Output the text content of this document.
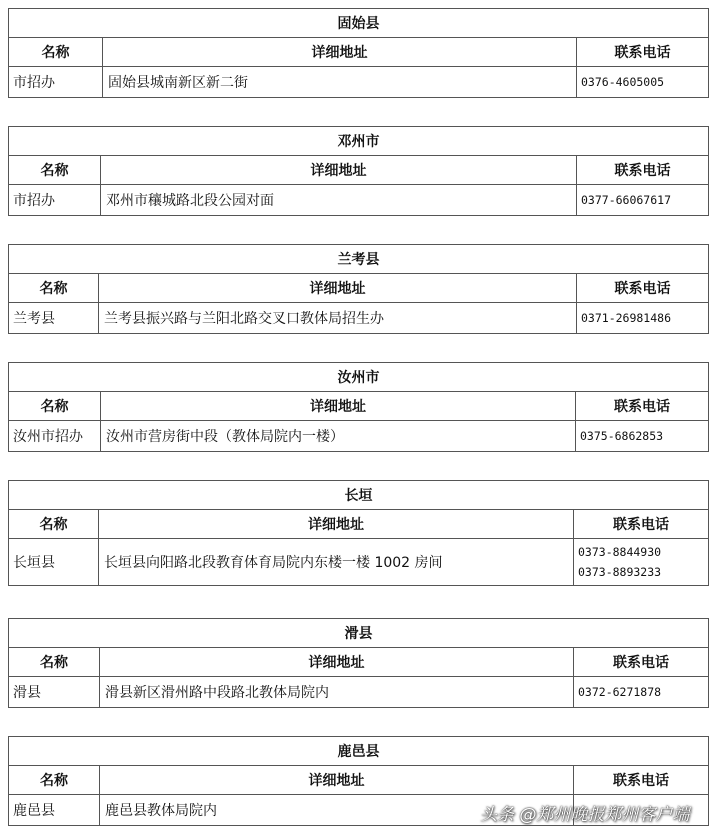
固始县		
名称	详细地址	联系电话
市招办	固始县城南新区新二街	0376-4605005
邓州市		
名称	详细地址	联系电话
市招办	邓州市穰城路北段公园对面	0377-66067617
兰考县		
名称	详细地址	联系电话
兰考县	兰考县振兴路与兰阳北路交叉口教体局招生办	0371-26981486
汝州市		
名称	详细地址	联系电话
汝州市招办	汝州市营房街中段（教体局院内一楼）	0375-6862853
长垣		
名称	详细地址	联系电话
长垣县	长垣县向阳路北段教育体育局院内东楼一楼 1002 房间	0373-8844930
0373-8893233
滑县		
名称	详细地址	联系电话
滑县	滑县新区滑州路中段路北教体局院内	0372-6271878
鹿邑县		
名称	详细地址	联系电话
鹿邑县	鹿邑县教体局院内		头条 @郑州晚报郑州客户端
